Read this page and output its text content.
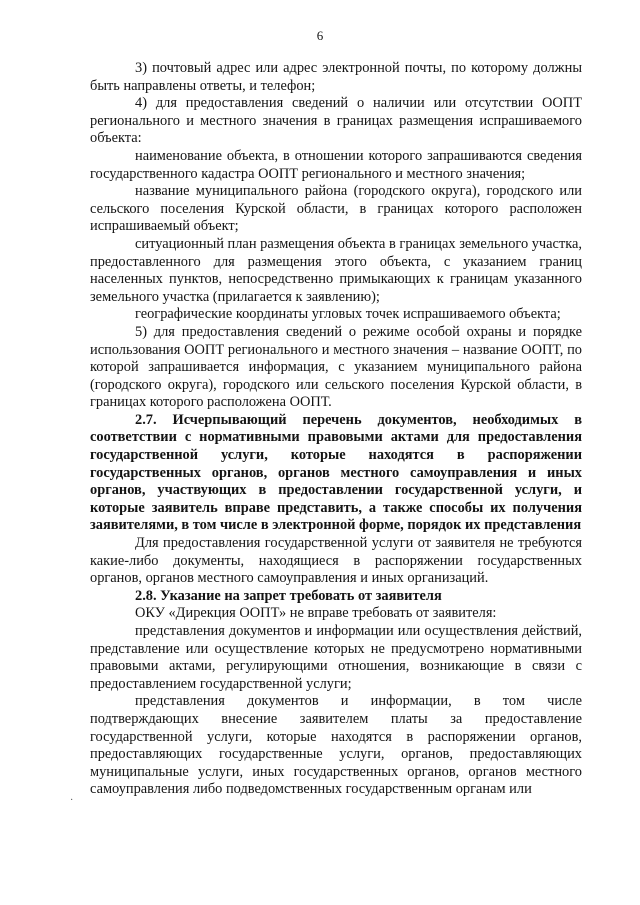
6

3) почтовый адрес или адрес электронной почты, по которому должны быть направлены ответы, и телефон;

4) для предоставления сведений о наличии или отсутствии ООПТ регионального и местного значения в границах размещения испрашиваемого объекта:

наименование объекта, в отношении которого запрашиваются сведения государственного кадастра ООПТ регионального и местного значения;

название муниципального района (городского округа), городского или сельского поселения Курской области, в границах которого расположен испрашиваемый объект;

ситуационный план размещения объекта в границах земельного участка, предоставленного для размещения этого объекта, с указанием границ населенных пунктов, непосредственно примыкающих к границам указанного земельного участка (прилагается к заявлению);

географические координаты угловых точек испрашиваемого объекта;

5) для предоставления сведений о режиме особой охраны и порядке использования ООПТ регионального и местного значения – название ООПТ, по которой запрашивается информация, с указанием муниципального района (городского округа), городского или сельского поселения Курской области, в границах которого расположена ООПТ.

2.7. Исчерпывающий перечень документов, необходимых в соответствии с нормативными правовыми актами для предоставления государственной услуги, которые находятся в распоряжении государственных органов, органов местного самоуправления и иных органов, участвующих в предоставлении государственной услуги, и которые заявитель вправе представить, а также способы их получения заявителями, в том числе в электронной форме, порядок их представления

Для предоставления государственной услуги от заявителя не требуются какие-либо документы, находящиеся в распоряжении государственных органов, органов местного самоуправления и иных организаций.

2.8. Указание на запрет требовать от заявителя

ОКУ «Дирекция ООПТ» не вправе требовать от заявителя:

представления документов и информации или осуществления действий, представление или осуществление которых не предусмотрено нормативными правовыми актами, регулирующими отношения, возникающие в связи с предоставлением государственной услуги;

представления документов и информации, в том числе подтверждающих внесение заявителем платы за предоставление государственной услуги, которые находятся в распоряжении органов, предоставляющих государственные услуги, органов, предоставляющих муниципальные услуги, иных государственных органов, органов местного самоуправления либо подведомственных государственным органам или

·
